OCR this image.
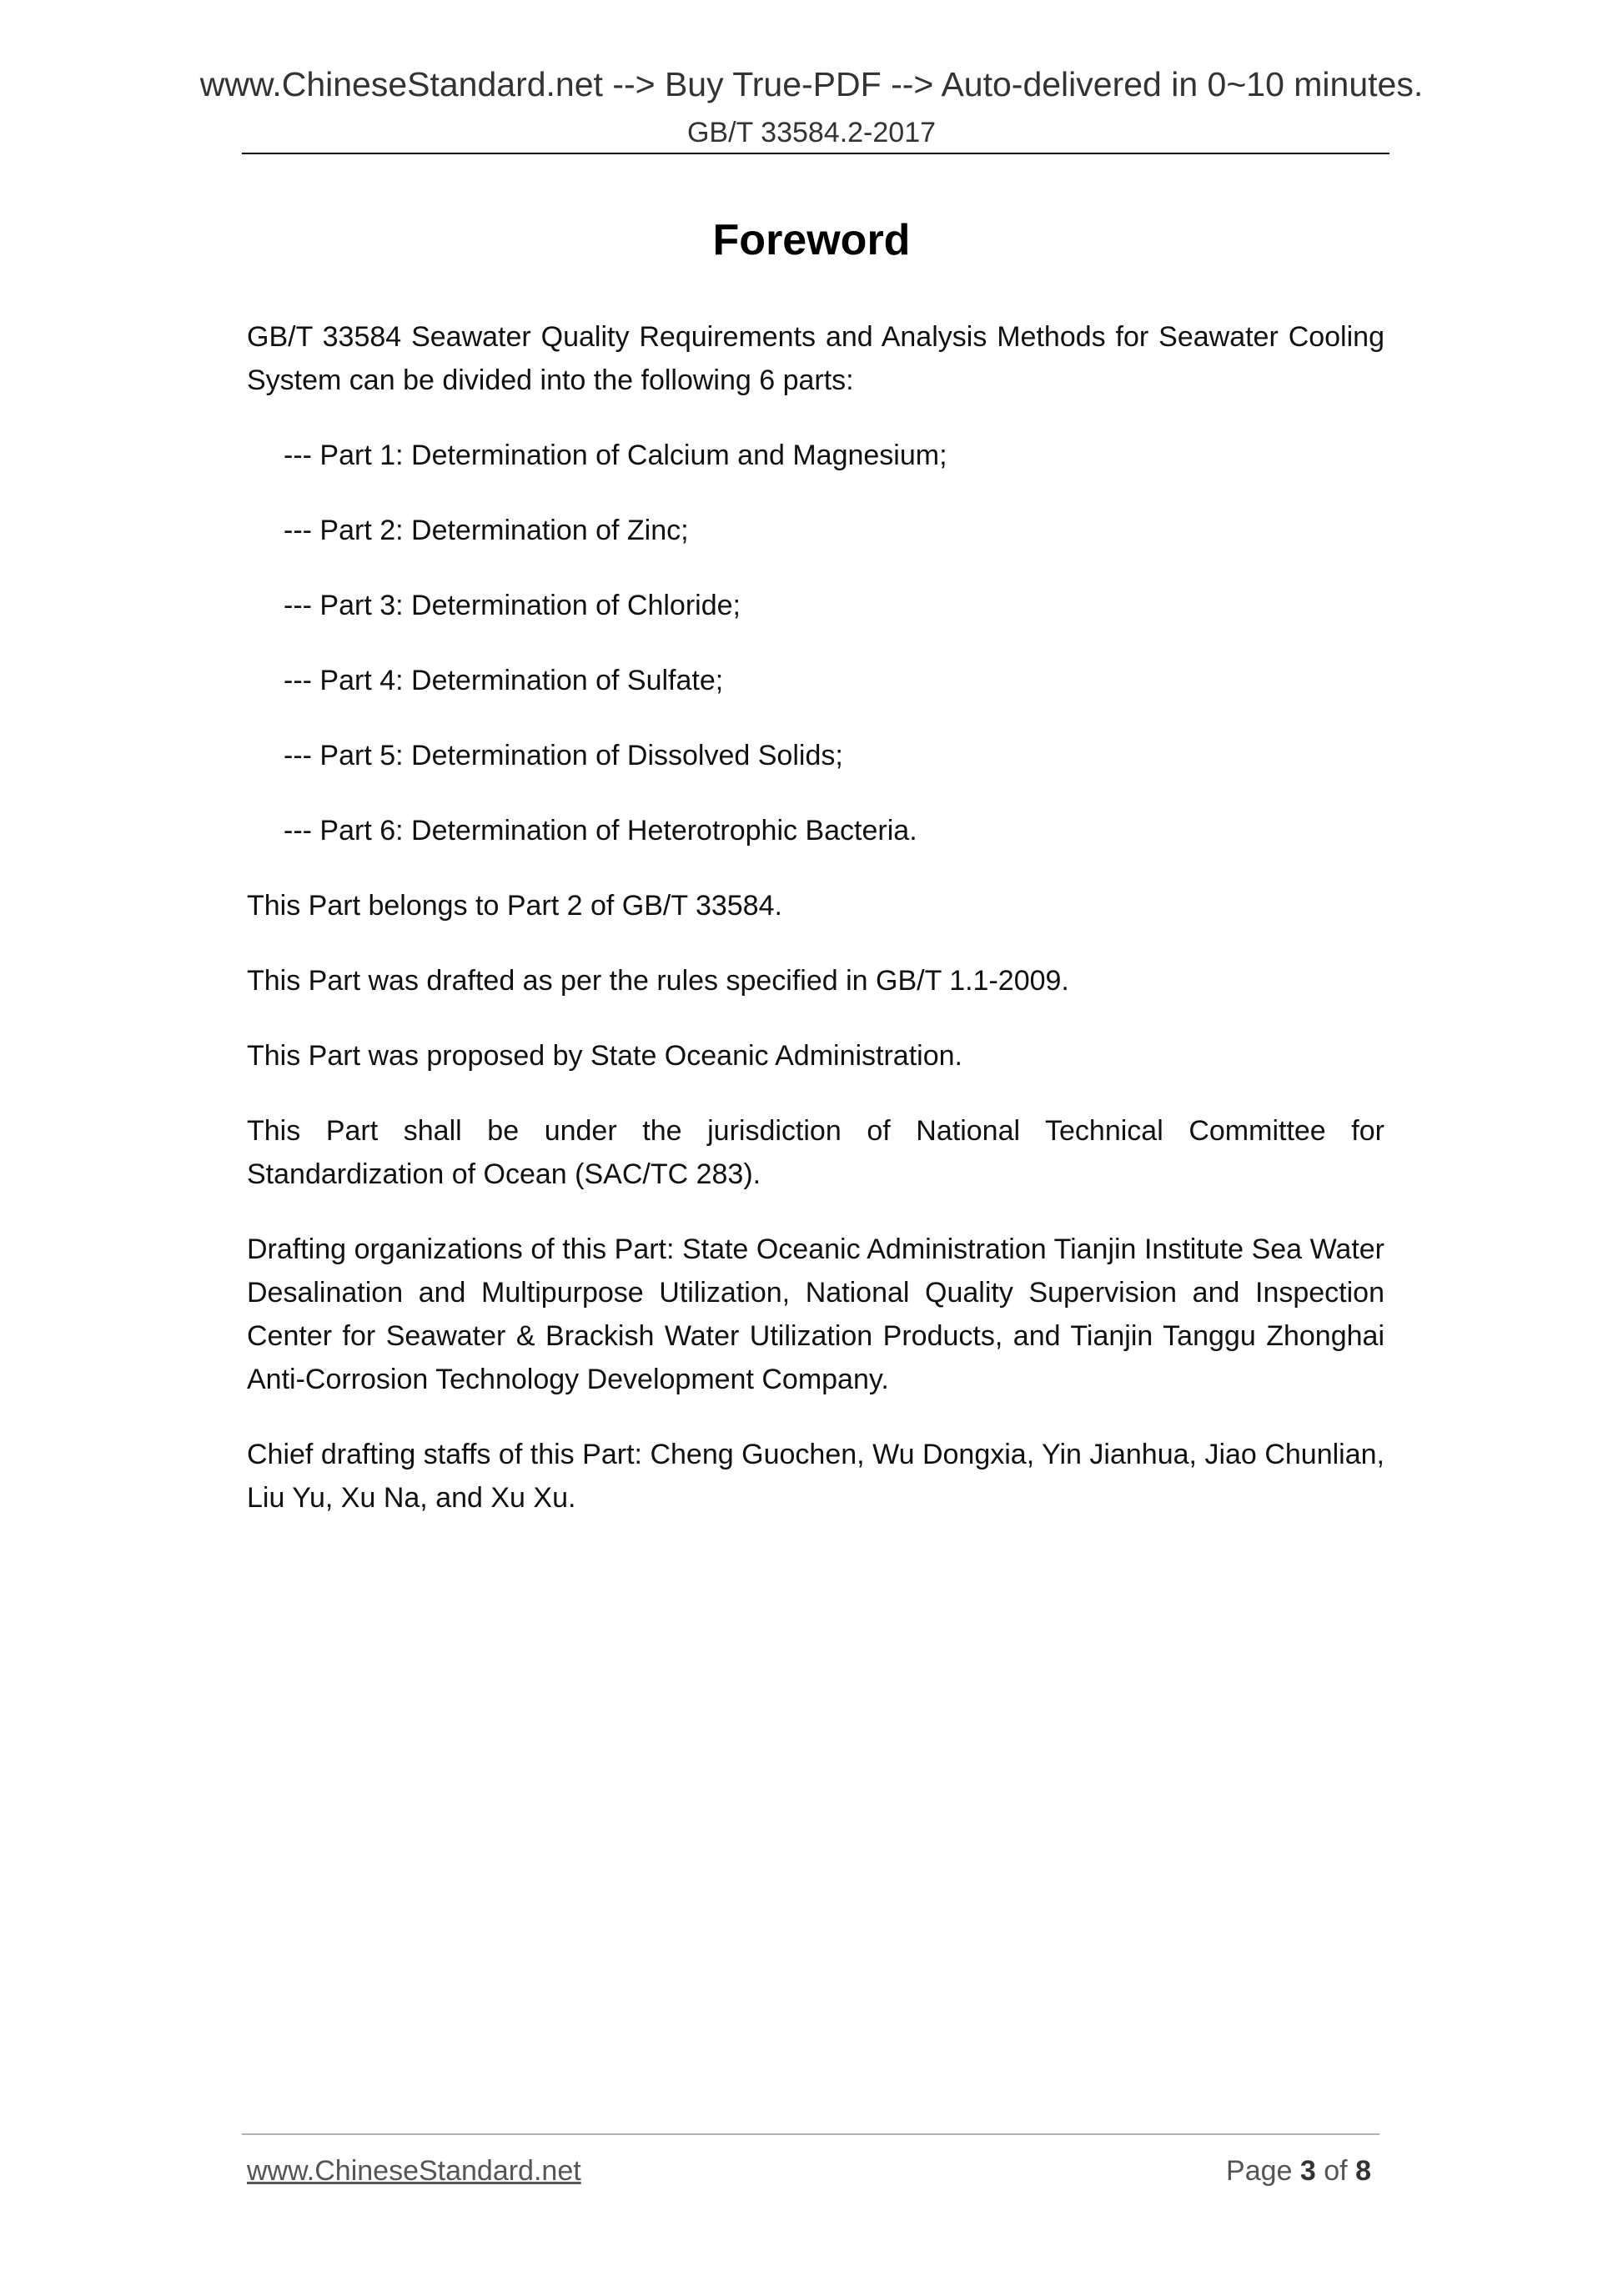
www.ChineseStandard.net --> Buy True-PDF --> Auto-delivered in 0~10 minutes.
GB/T 33584.2-2017
Foreword

GB/T 33584 Seawater Quality Requirements and Analysis Methods for Seawater Cooling System can be divided into the following 6 parts:

--- Part 1: Determination of Calcium and Magnesium;
--- Part 2: Determination of Zinc;
--- Part 3: Determination of Chloride;
--- Part 4: Determination of Sulfate;
--- Part 5: Determination of Dissolved Solids;
--- Part 6: Determination of Heterotrophic Bacteria.

This Part belongs to Part 2 of GB/T 33584.

This Part was drafted as per the rules specified in GB/T 1.1-2009.

This Part was proposed by State Oceanic Administration.

This Part shall be under the jurisdiction of National Technical Committee for Standardization of Ocean (SAC/TC 283).

Drafting organizations of this Part: State Oceanic Administration Tianjin Institute Sea Water Desalination and Multipurpose Utilization, National Quality Supervision and Inspection Center for Seawater & Brackish Water Utilization Products, and Tianjin Tanggu Zhonghai Anti-Corrosion Technology Development Company.

Chief drafting staffs of this Part: Cheng Guochen, Wu Dongxia, Yin Jianhua, Jiao Chunlian, Liu Yu, Xu Na, and Xu Xu.

www.ChineseStandard.net	Page 3 of 8
